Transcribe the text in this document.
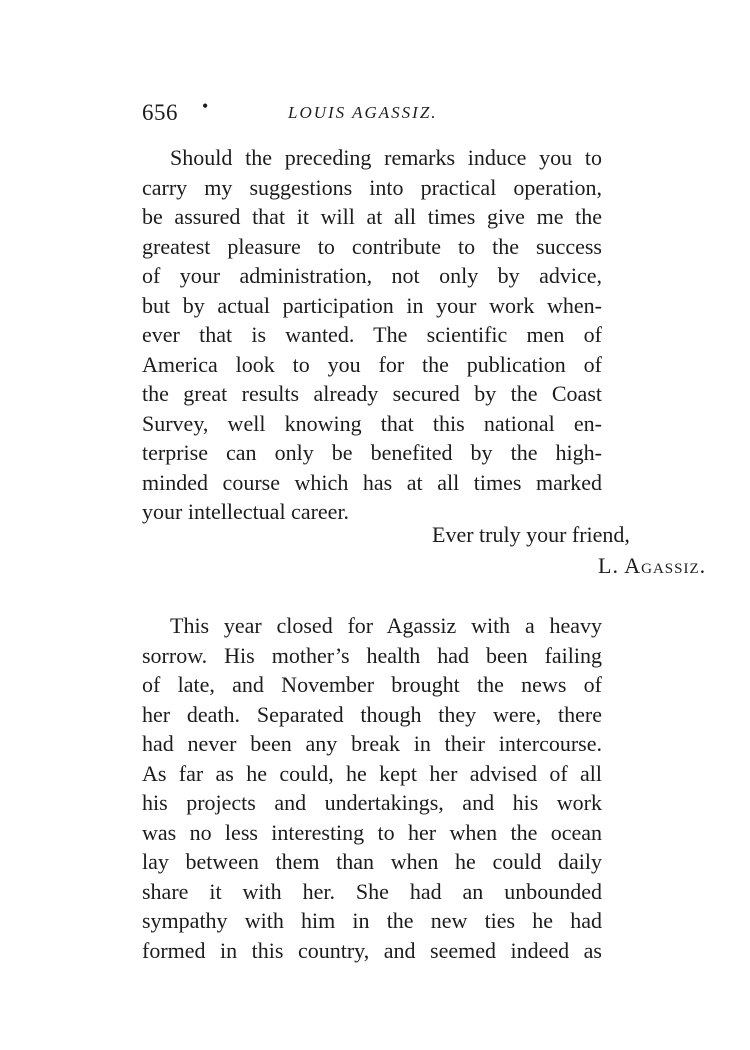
656 •	LOUIS AGASSIZ.
Should the preceding remarks induce you to
carry my suggestions into practical operation,
be assured that it will at all times give me the
greatest pleasure to contribute to the success
of your administration, not only by advice,
but by actual participation in your work when-
ever that is wanted. The scientific men of
America look to you for the publication of
the great results already secured by the Coast
Survey, well knowing that this national en-
terprise can only be benefited by the high-
minded course which has at all times marked
your intellectual career.
Ever truly your friend,
L. Agassiz.
This year closed for Agassiz with a heavy
sorrow. His mother’s health had been failing
of late, and November brought the news of
her death. Separated though they were, there
had never been any break in their intercourse.
As far as he could, he kept her advised of all
his projects and undertakings, and his work
was no less interesting to her when the ocean
lay between them than when he could daily
share it with her. She had an unbounded
sympathy with him in the new ties he had
formed in this country, and seemed indeed as
